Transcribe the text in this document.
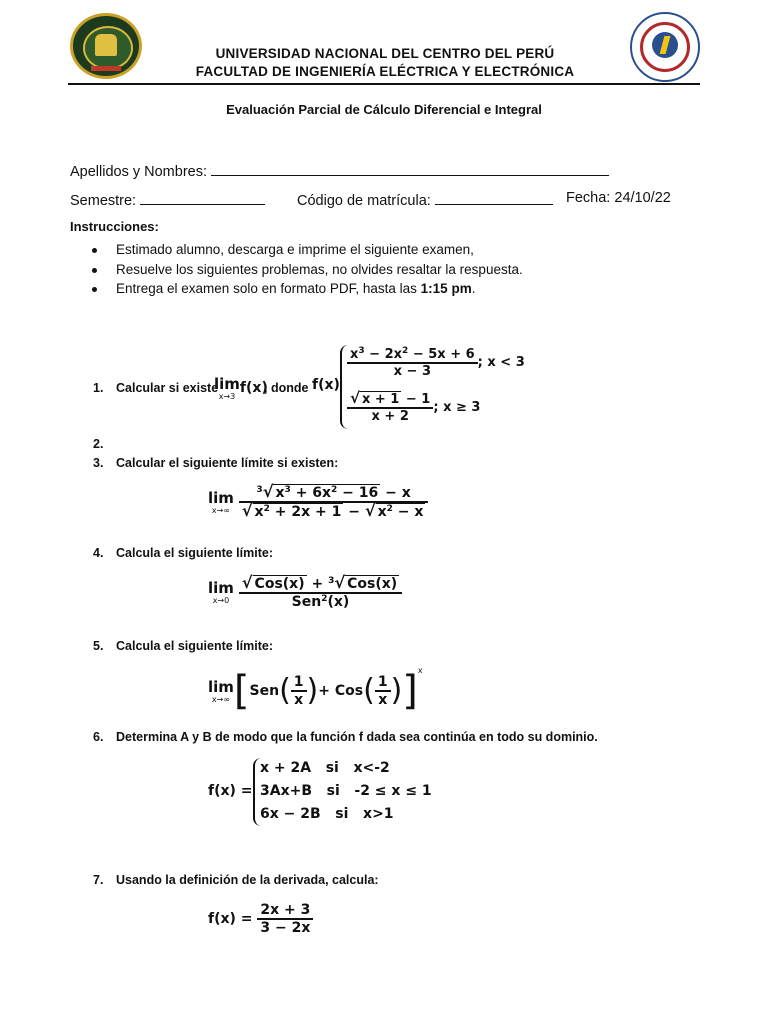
UNIVERSIDAD NACIONAL DEL CENTRO DEL PERÚ
FACULTAD DE INGENIERÍA ELÉCTRICA Y ELECTRÓNICA
Evaluación Parcial de Cálculo Diferencial e Integral
Apellidos y Nombres:
Semestre:	Código de matrícula:	Fecha: 24/10/22
Instrucciones:
Estimado alumno, descarga e imprime el siguiente examen,
Resuelve los siguientes problemas, no olvides resaltar la respuesta.
Entrega el examen solo en formato PDF, hasta las 1:15 pm.
1. Calcular si existe
lim
x→3
f(x)
, donde f(x)
$\frac{x^3 - 2x^2 - 5x + 6}{x - 3}$ ; x < 3
$\frac{√ x + 1 - 1}{x + 2}$ ; x ≥ 3
2.
3. Calcular el siguiente límite si existen:
lim
x→∞
$\frac{^3 √ x^3 + 6x^2 - 16 - x}{√ x^2 + 2x + 1 - √ x^2 - x}$
4. Calcula el siguiente límite:
lim
x→0
$\frac{√ Cos(x) + ^3 √ Cos(x)}{Sen^2(x)}$
5. Calcula el siguiente límite:
lim
x→∞ [$Sen( \frac{1}{x}$ )+ $Cos( \frac{1}{x} )]^x$
6. Determina A y B de modo que la función f dada sea continúa en todo su dominio.
f(x) =
x + 2A   si   x<-2
3Ax+B   si   -2 ≤ x ≤ 1
6x − 2B   si   x>1
7. Usando la definición de la derivada, calcula:
$f(x) = \frac{2x + 3}{3 - 2x}$
